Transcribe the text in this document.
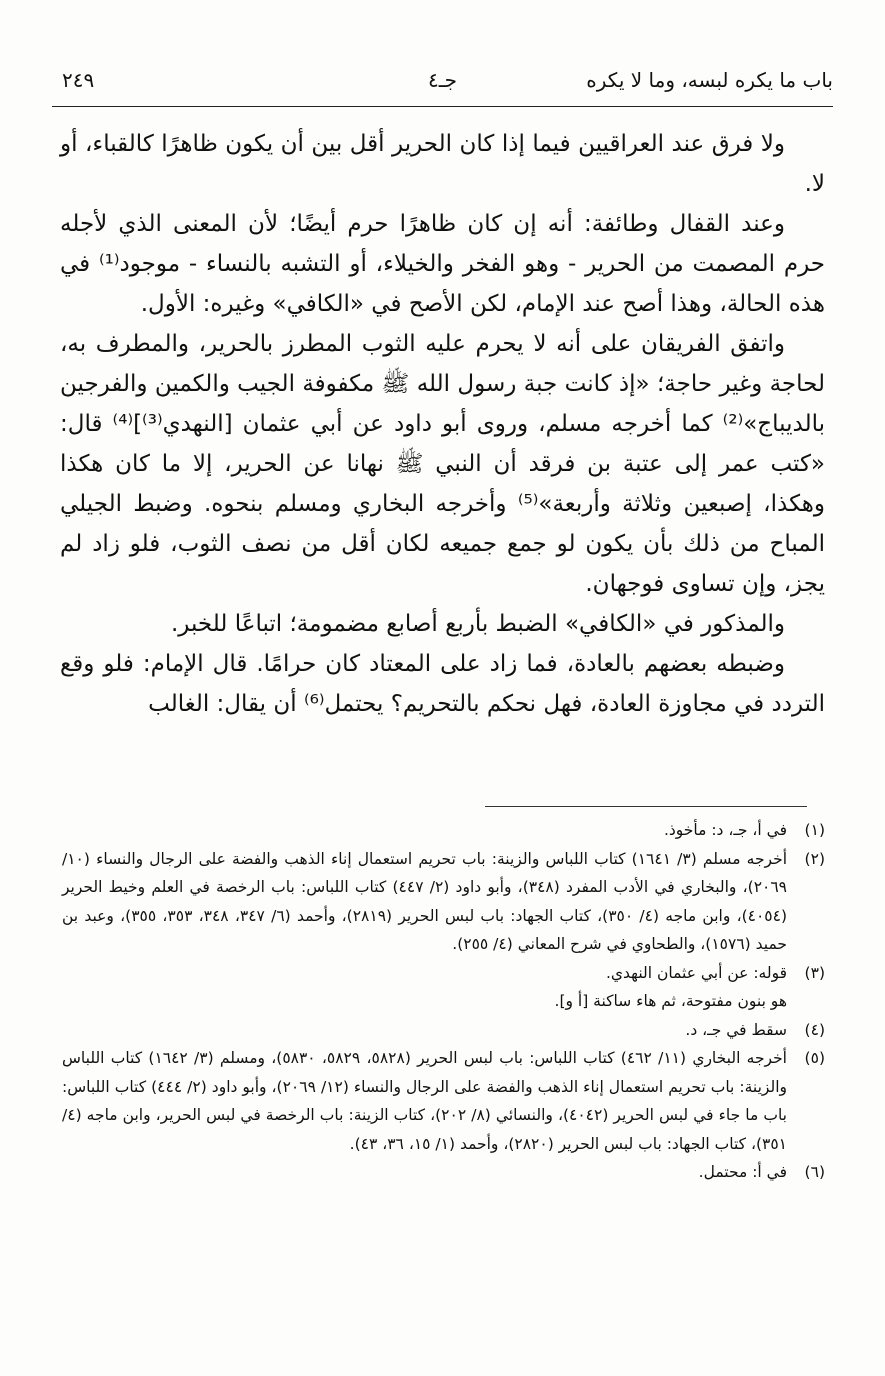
باب ما يكره لبسه، وما لا يكره
جـ٤
٢٤٩

ولا فرق عند العراقيين فيما إذا كان الحرير أقل بين أن يكون ظاهرًا كالقباء، أو لا.

وعند القفال وطائفة: أنه إن كان ظاهرًا حرم أيضًا؛ لأن المعنى الذي لأجله حرم المصمت من الحرير - وهو الفخر والخيلاء، أو التشبه بالنساء - موجود⁽¹⁾ في هذه الحالة، وهذا أصح عند الإمام، لكن الأصح في «الكافي» وغيره: الأول.

واتفق الفريقان على أنه لا يحرم عليه الثوب المطرز بالحرير، والمطرف به، لحاجة وغير حاجة؛ «إذ كانت جبة رسول الله ﷺ مكفوفة الجيب والكمين والفرجين بالديباج»⁽²⁾ كما أخرجه مسلم، وروى أبو داود عن أبي عثمان [النهدي⁽³⁾]⁽⁴⁾ قال: «كتب عمر إلى عتبة بن فرقد أن النبي ﷺ نهانا عن الحرير، إلا ما كان هكذا وهكذا، إصبعين وثلاثة وأربعة»⁽⁵⁾ وأخرجه البخاري ومسلم بنحوه. وضبط الجيلي المباح من ذلك بأن يكون لو جمع جميعه لكان أقل من نصف الثوب، فلو زاد لم يجز، وإن تساوى فوجهان.

والمذكور في «الكافي» الضبط بأربع أصابع مضمومة؛ اتباعًا للخبر.

وضبطه بعضهم بالعادة، فما زاد على المعتاد كان حرامًا. قال الإمام: فلو وقع التردد في مجاوزة العادة، فهل نحكم بالتحريم؟ يحتمل⁽⁶⁾ أن يقال: الغالب

(١)
في أ، جـ، د: مأخوذ.
(٢)
أخرجه مسلم (٣/ ١٦٤١) كتاب اللباس والزينة: باب تحريم استعمال إناء الذهب والفضة على الرجال والنساء (١٠/ ٢٠٦٩)، والبخاري في الأدب المفرد (٣٤٨)، وأبو داود (٢/ ٤٤٧) كتاب اللباس: باب الرخصة في العلم وخيط الحرير (٤٠٥٤)، وابن ماجه (٤/ ٣٥٠)، كتاب الجهاد: باب لبس الحرير (٢٨١٩)، وأحمد (٦/ ٣٤٧، ٣٤٨، ٣٥٣، ٣٥٥)، وعبد بن حميد (١٥٧٦)، والطحاوي في شرح المعاني (٤/ ٢٥٥).
(٣)
قوله: عن أبي عثمان النهدي.
هو بنون مفتوحة، ثم هاء ساكنة [أ و].
(٤)
سقط في جـ، د.
(٥)
أخرجه البخاري (١١/ ٤٦٢) كتاب اللباس: باب لبس الحرير (٥٨٢٨، ٥٨٢٩، ٥٨٣٠)، ومسلم (٣/ ١٦٤٢) كتاب اللباس والزينة: باب تحريم استعمال إناء الذهب والفضة على الرجال والنساء (١٢/ ٢٠٦٩)، وأبو داود (٢/ ٤٤٤) كتاب اللباس: باب ما جاء في لبس الحرير (٤٠٤٢)، والنسائي (٨/ ٢٠٢)، كتاب الزينة: باب الرخصة في لبس الحرير، وابن ماجه (٤/ ٣٥١)، كتاب الجهاد: باب لبس الحرير (٢٨٢٠)، وأحمد (١/ ١٥، ٣٦، ٤٣).
(٦)
في أ: محتمل.
